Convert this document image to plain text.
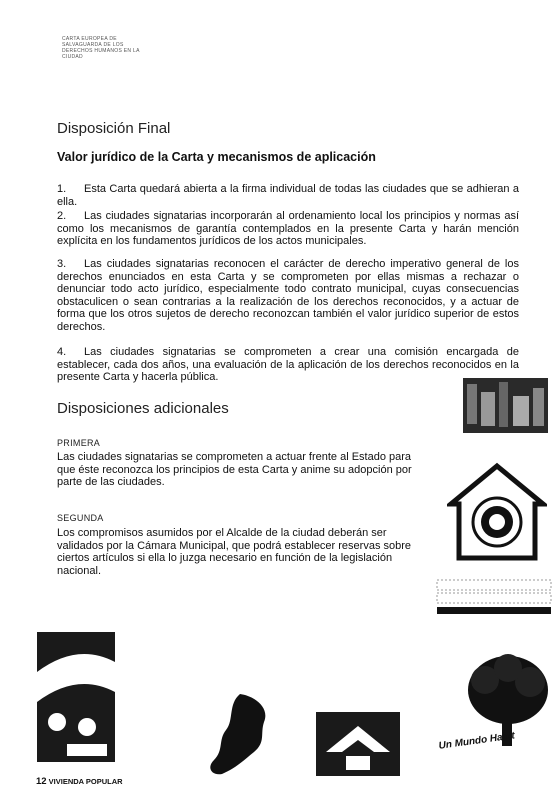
CARTA EUROPEA DE SALVAGUARDA DE LOS DERECHOS HUMANOS EN LA CIUDAD
Disposición Final
Valor jurídico de la Carta y mecanismos de aplicación
1. Esta Carta quedará abierta a la firma individual de todas las ciudades que se adhieran a ella.
2. Las ciudades signatarias incorporarán al ordenamiento local los principios y normas así como los mecanismos de garantía contemplados en la presente Carta y harán mención explícita en los fundamentos jurídicos de los actos municipales.
3. Las ciudades signatarias reconocen el carácter de derecho imperativo general de los derechos enunciados en esta Carta y se comprometen por ellas mismas a rechazar o denunciar todo acto jurídico, especialmente todo contrato municipal, cuyas consecuencias obstaculicen o sean contrarias a la realización de los derechos reconocidos, y a actuar de forma que los otros sujetos de derecho reconozcan también el valor jurídico superior de estos derechos.
4. Las ciudades signatarias se comprometen a crear una comisión encargada de establecer, cada dos años, una evaluación de la aplicación de los derechos reconocidos en la presente Carta y hacerla pública.
Disposiciones adicionales
PRIMERA
Las ciudades signatarias se comprometen a actuar frente al Estado para que éste reconozca los principios de esta Carta y anime su adopción por parte de las ciudades.
SEGUNDA
Los compromisos asumidos por el Alcalde de la ciudad deberán ser validados por la Cámara Municipal, que podrá establecer reservas sobre ciertos artículos si ella lo juzga necesario en función de la legislación nacional.
Un Mundo Habit
12 VIVIENDA POPULAR
